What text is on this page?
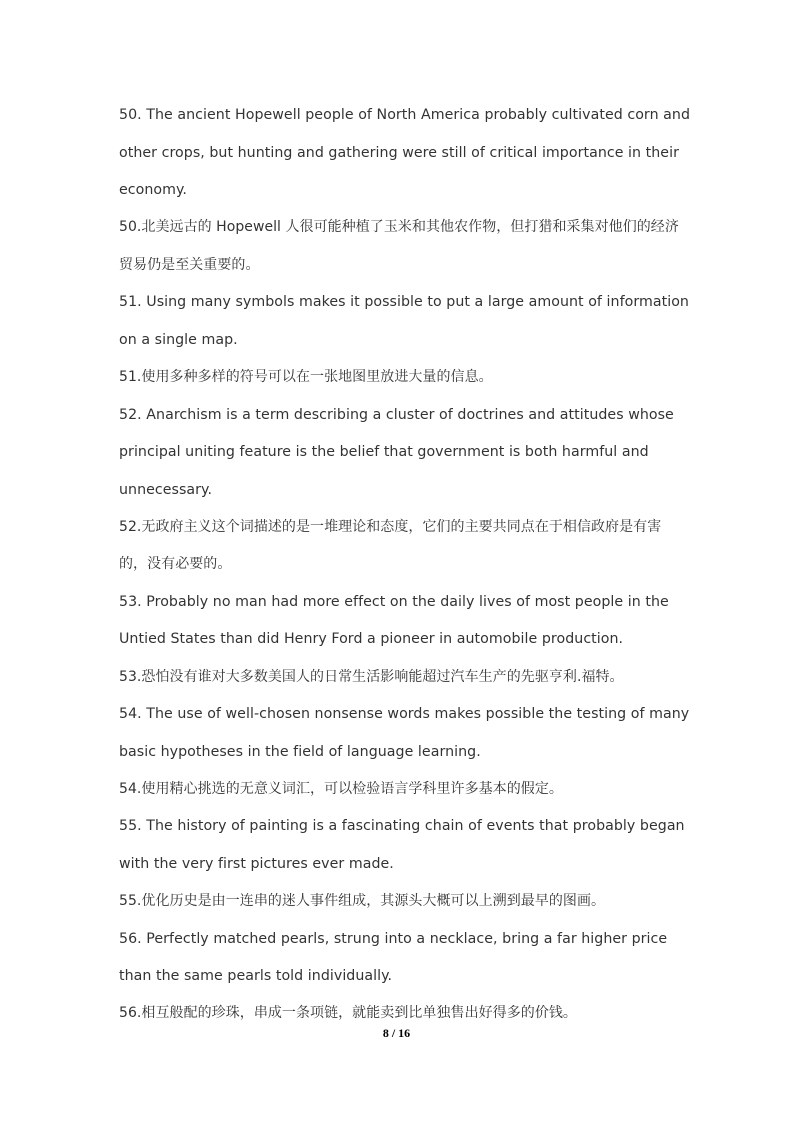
50. The ancient Hopewell people of North America probably cultivated corn and
other crops, but hunting and gathering were still of critical importance in their
economy.
50.北美远古的 Hopewell 人很可能种植了玉米和其他农作物，但打猎和采集对他们的经济
贸易仍是至关重要的。
51. Using many symbols makes it possible to put a large amount of information
on a single map.
51.使用多种多样的符号可以在一张地图里放进大量的信息。
52. Anarchism is a term describing a cluster of doctrines and attitudes whose
principal uniting feature is the belief that government is both harmful and
unnecessary.
52.无政府主义这个词描述的是一堆理论和态度，它们的主要共同点在于相信政府是有害
的，没有必要的。
53. Probably no man had more effect on the daily lives of most people in the
Untied States than did Henry Ford a pioneer in automobile production.
53.恐怕没有谁对大多数美国人的日常生活影响能超过汽车生产的先驱亨利.福特。
54. The use of well-chosen nonsense words makes possible the testing of many
basic hypotheses in the field of language learning.
54.使用精心挑选的无意义词汇，可以检验语言学科里许多基本的假定。
55. The history of painting is a fascinating chain of events that probably began
with the very first pictures ever made.
55.优化历史是由一连串的迷人事件组成，其源头大概可以上溯到最早的图画。
56. Perfectly matched pearls, strung into a necklace, bring a far higher price
than the same pearls told individually.
56.相互般配的珍珠，串成一条项链，就能卖到比单独售出好得多的价钱。
8 / 16
